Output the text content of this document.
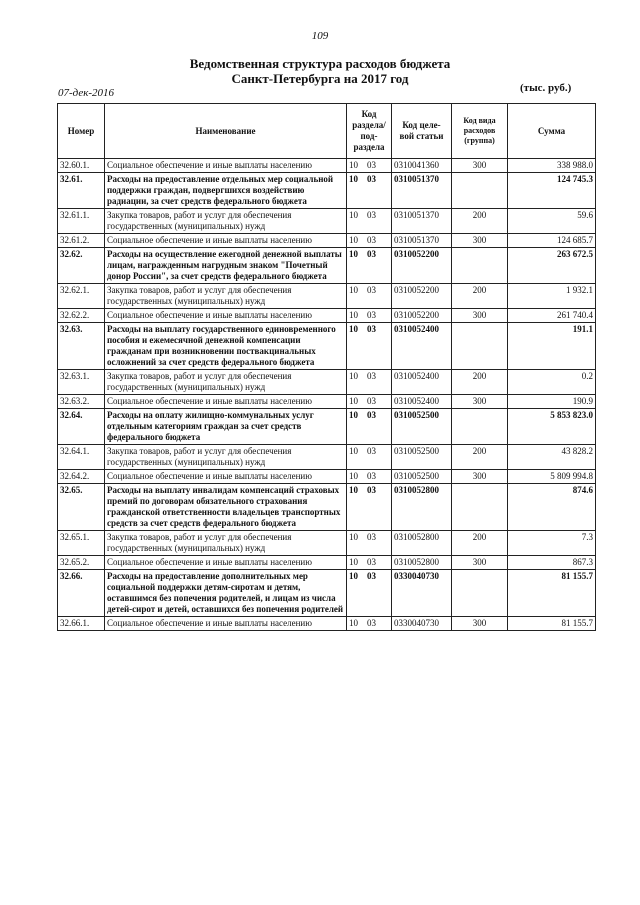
109
Ведомственная структура расходов бюджета
Санкт-Петербурга на 2017 год
07-дек-2016	(тыс. руб.)
Номер	Наименование	Код раздела/ под- раздела	Код целе- вой статьи	Код вида расходов (группа)	Сумма
32.60.1.	Социальное обеспечение и иные выплаты населению	10    03	0310041360	300	338 988.0
32.61.	Расходы на предоставление отдельных мер социальной поддержки граждан, подвергшихся воздействию радиации, за счет средств федерального бюджета	10    03	0310051370		124 745.3
32.61.1.	Закупка товаров, работ и услуг для обеспечения государственных (муниципальных) нужд	10    03	0310051370	200	59.6
32.61.2.	Социальное обеспечение и иные выплаты населению	10    03	0310051370	300	124 685.7
32.62.	Расходы на осуществление ежегодной денежной выплаты лицам, награжденным нагрудным знаком "Почетный донор России", за счет средств федерального бюджета	10    03	0310052200		263 672.5
32.62.1.	Закупка товаров, работ и услуг для обеспечения государственных (муниципальных) нужд	10    03	0310052200	200	1 932.1
32.62.2.	Социальное обеспечение и иные выплаты населению	10    03	0310052200	300	261 740.4
32.63.	Расходы на выплату государственного единовременного пособия и ежемесячной денежной компенсации гражданам при возникновении поствакцинальных осложнений за счет средств федерального бюджета	10    03	0310052400		191.1
32.63.1.	Закупка товаров, работ и услуг для обеспечения государственных (муниципальных) нужд	10    03	0310052400	200	0.2
32.63.2.	Социальное обеспечение и иные выплаты населению	10    03	0310052400	300	190.9
32.64.	Расходы на оплату жилищно-коммунальных услуг отдельным категориям граждан за счет средств федерального бюджета	10    03	0310052500		5 853 823.0
32.64.1.	Закупка товаров, работ и услуг для обеспечения государственных (муниципальных) нужд	10    03	0310052500	200	43 828.2
32.64.2.	Социальное обеспечение и иные выплаты населению	10    03	0310052500	300	5 809 994.8
32.65.	Расходы на выплату инвалидам компенсаций страховых премий по договорам обязательного страхования гражданской ответственности владельцев транспортных средств за счет средств федерального бюджета	10    03	0310052800		874.6
32.65.1.	Закупка товаров, работ и услуг для обеспечения государственных (муниципальных) нужд	10    03	0310052800	200	7.3
32.65.2.	Социальное обеспечение и иные выплаты населению	10    03	0310052800	300	867.3
32.66.	Расходы на предоставление дополнительных мер социальной поддержки детям-сиротам и детям, оставшимся без попечения родителей, и лицам из числа детей-сирот и детей, оставшихся без попечения родителей	10    03	0330040730		81 155.7
32.66.1.	Социальное обеспечение и иные выплаты населению	10    03	0330040730	300	81 155.7
